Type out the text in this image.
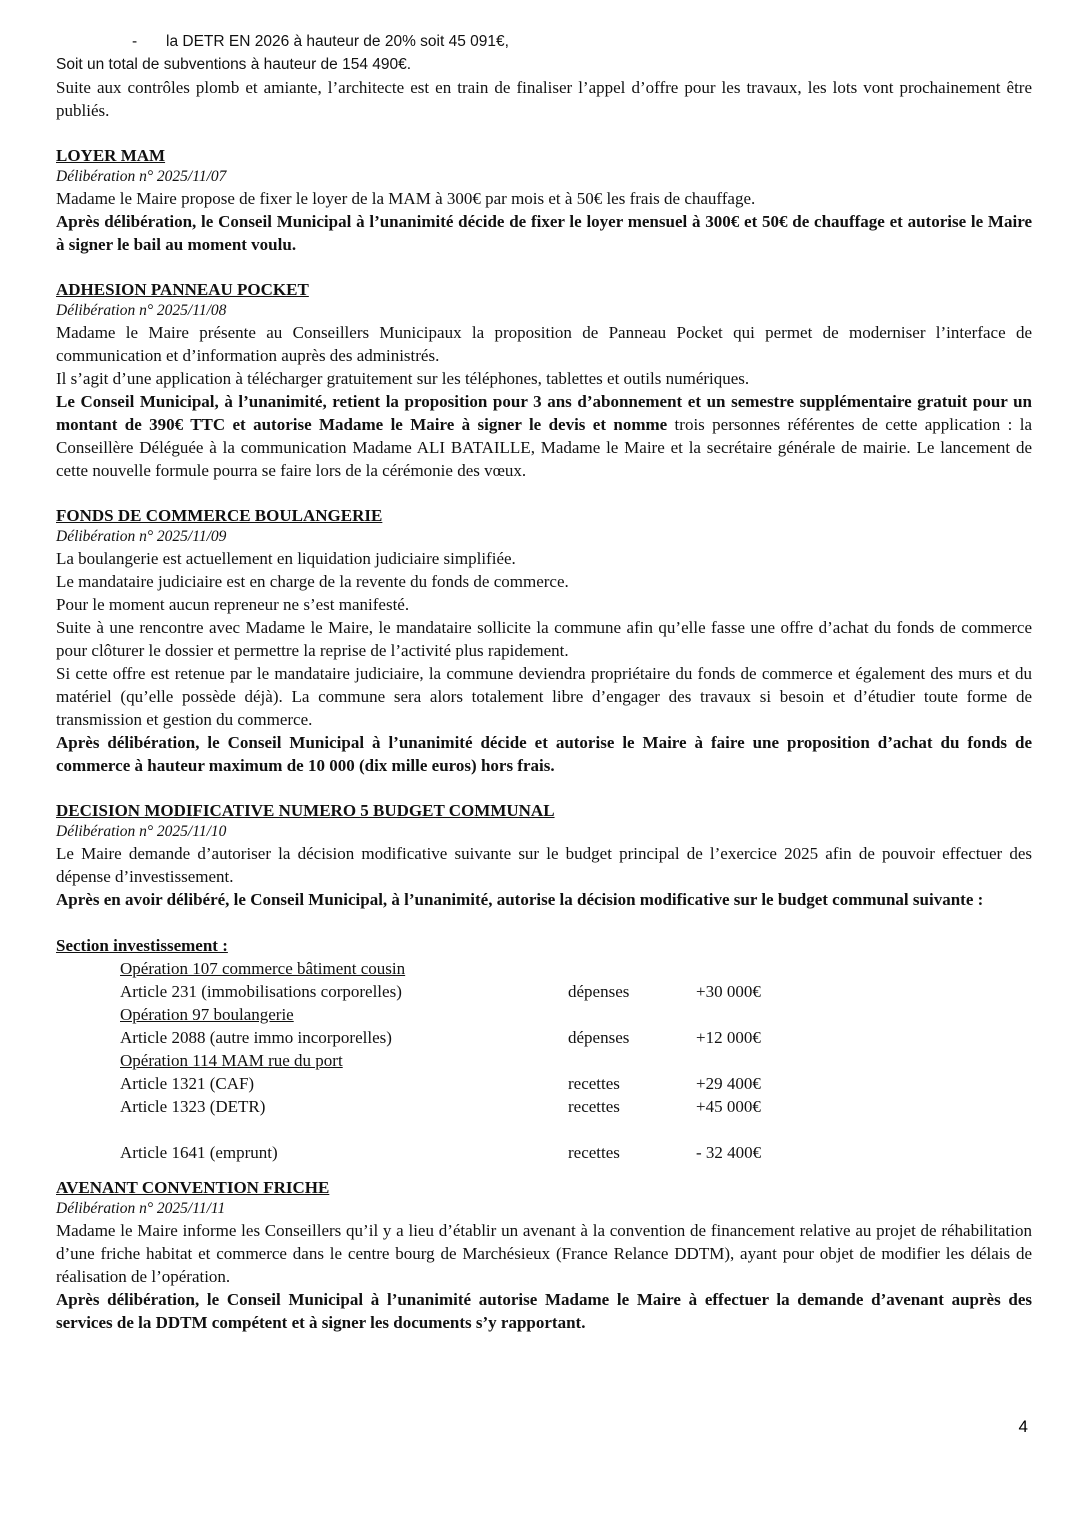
- la DETR EN 2026 à hauteur de 20% soit 45 091€,

Soit un total de subventions à hauteur de 154 490€.

Suite aux contrôles plomb et amiante, l’architecte est en train de finaliser l’appel d’offre pour les travaux, les lots vont prochainement être publiés.

LOYER MAM

Délibération n° 2025/11/07

Madame le Maire propose de fixer le loyer de la MAM à 300€ par mois et à 50€ les frais de chauffage.

Après délibération, le Conseil Municipal à l’unanimité décide de fixer le loyer mensuel à 300€ et 50€ de chauffage et autorise le Maire à signer le bail au moment voulu.

ADHESION PANNEAU POCKET

Délibération n° 2025/11/08

Madame le Maire présente au Conseillers Municipaux la proposition de Panneau Pocket qui permet de moderniser l’interface de communication et d’information auprès des administrés.

Il s’agit d’une application à télécharger gratuitement sur les téléphones, tablettes et outils numériques.

Le Conseil Municipal, à l’unanimité, retient la proposition pour 3 ans d’abonnement et un semestre supplémentaire gratuit pour un montant de 390€ TTC et autorise Madame le Maire à signer le devis et nomme trois personnes référentes de cette application : la Conseillère Déléguée à la communication Madame ALI BATAILLE, Madame le Maire et la secrétaire générale de mairie. Le lancement de cette nouvelle formule pourra se faire lors de la cérémonie des vœux.

FONDS DE COMMERCE BOULANGERIE

Délibération n° 2025/11/09

La boulangerie est actuellement en liquidation judiciaire simplifiée.

Le mandataire judiciaire est en charge de la revente du fonds de commerce.

Pour le moment aucun repreneur ne s’est manifesté.

Suite à une rencontre avec Madame le Maire, le mandataire sollicite la commune afin qu’elle fasse une offre d’achat du fonds de commerce pour clôturer le dossier et permettre la reprise de l’activité plus rapidement.

Si cette offre est retenue par le mandataire judiciaire, la commune deviendra propriétaire du fonds de commerce et également des murs et du matériel (qu’elle possède déjà). La commune sera alors totalement libre d’engager des travaux si besoin et d’étudier toute forme de transmission et gestion du commerce.

Après délibération, le Conseil Municipal à l’unanimité décide et autorise le Maire à faire une proposition d’achat du fonds de commerce à hauteur maximum de 10 000 (dix mille euros) hors frais.

DECISION MODIFICATIVE NUMERO 5 BUDGET COMMUNAL

Délibération n° 2025/11/10

Le Maire demande d’autoriser la décision modificative suivante sur le budget principal de l’exercice 2025 afin de pouvoir effectuer des dépense d’investissement.

Après en avoir délibéré, le Conseil Municipal, à l’unanimité, autorise la décision modificative sur le budget communal suivante :

Section investissement :

Opération 107 commerce bâtiment cousin		
Article 231 (immobilisations corporelles)	dépenses	+30 000€
Opération 97 boulangerie		
Article 2088 (autre immo incorporelles)	dépenses	+12 000€
Opération 114 MAM rue du port		
Article 1321 (CAF)	recettes	+29 400€
Article 1323 (DETR)	recettes	+45 000€

Article 1641 (emprunt)	recettes	- 32 400€

AVENANT CONVENTION FRICHE

Délibération n° 2025/11/11

Madame le Maire informe les Conseillers qu’il y a lieu d’établir un avenant à la convention de financement relative au projet de réhabilitation d’une friche habitat et commerce dans le centre bourg de Marchésieux (France Relance DDTM), ayant pour objet de modifier les délais de réalisation de l’opération.

Après délibération, le Conseil Municipal à l’unanimité autorise Madame le Maire à effectuer la demande d’avenant auprès des services de la DDTM compétent et à signer les documents s’y rapportant.

4
